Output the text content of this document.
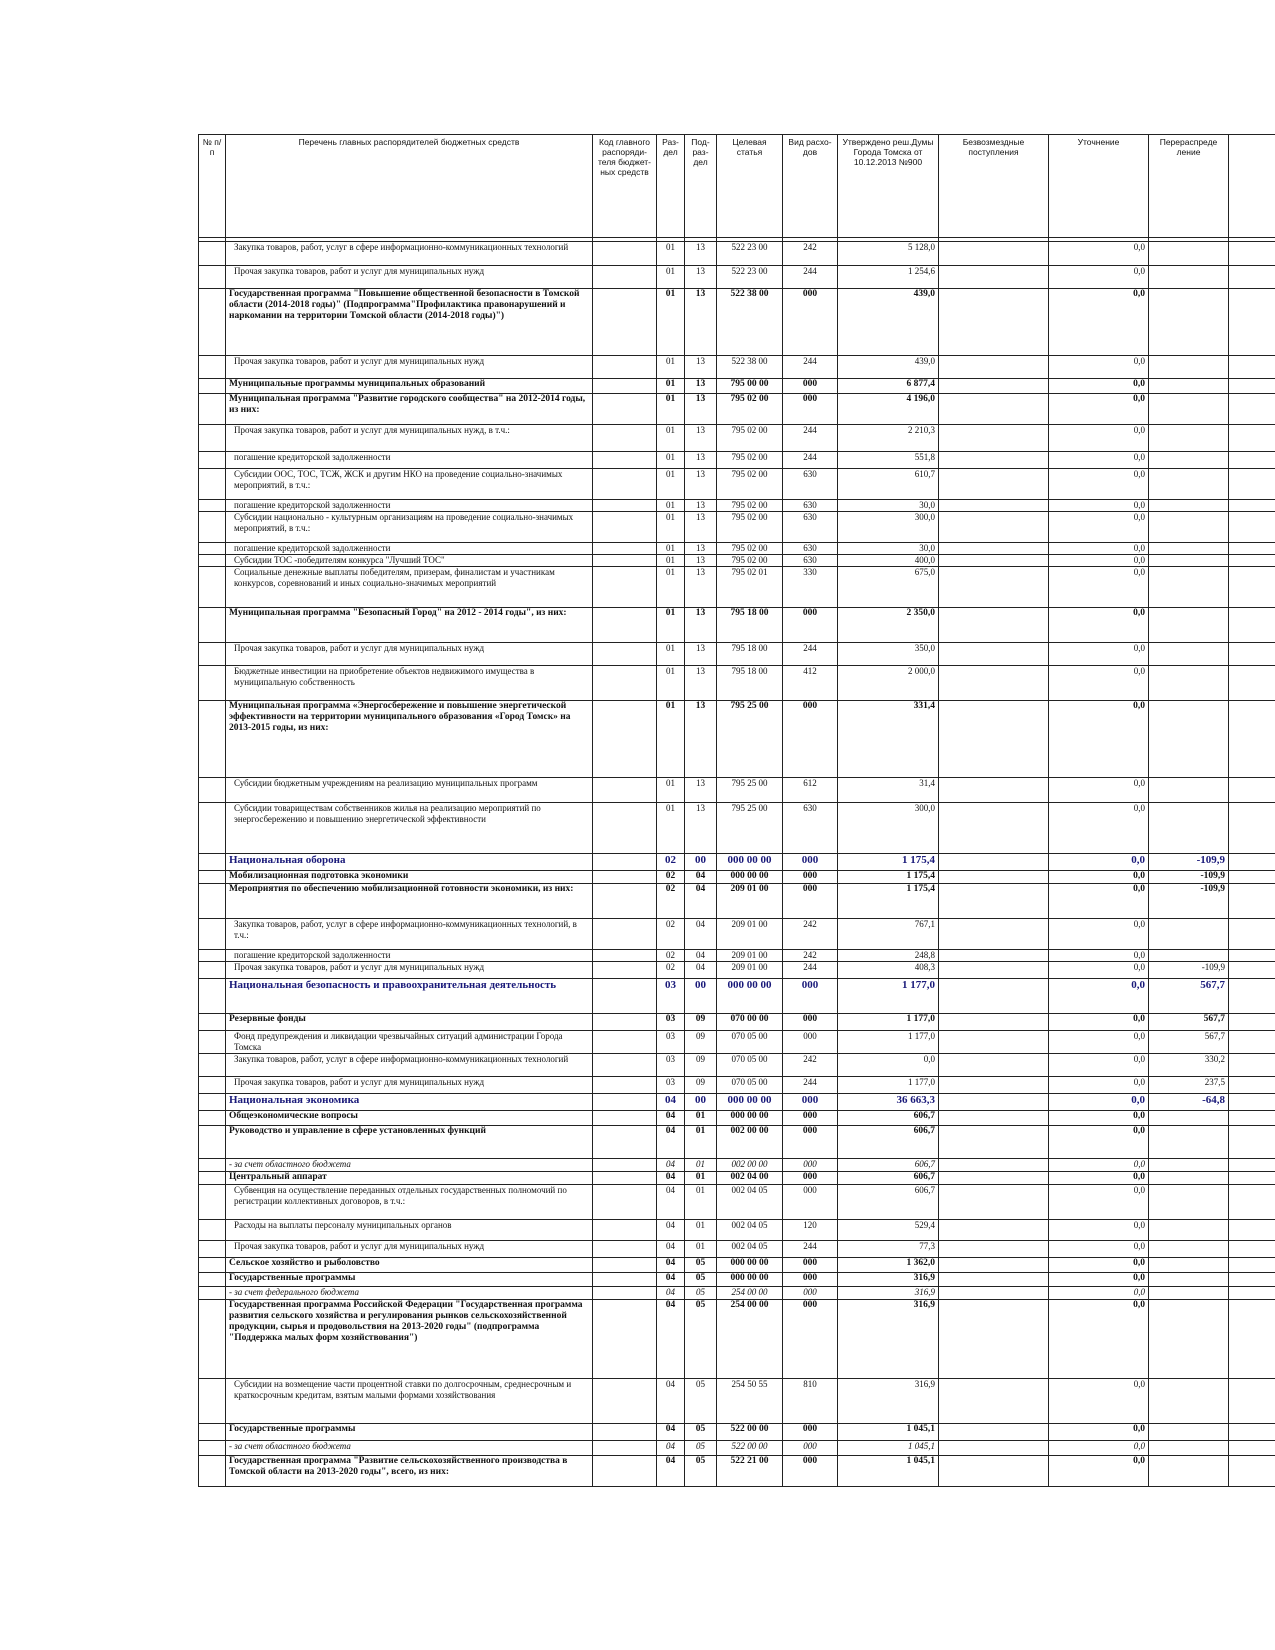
№ п/п	Перечень главных распорядителей бюджетных средств	Код главного распоряди-теля бюджет-ных средств	Раз-дел	Под-раз-дел	Целевая статья	Вид расхо-дов	Утверждено реш.Думы Города Томска от 10.12.2013 №900	Безвозмездные поступления	Уточнение	Перераспреде ление	

	Закупка товаров, работ, услуг в сфере информационно-коммуникационных технологий		01	13	522 23 00	242	5 128,0		0,0		
	Прочая закупка товаров, работ и услуг для муниципальных нужд		01	13	522 23 00	244	1 254,6		0,0		
	Государственная программа "Повышение общественной безопасности в Томской области (2014-2018 годы)" (Подпрограмма"Профилактика правонарушений и наркомании на территории Томской области (2014-2018 годы)")		01	13	522 38 00	000	439,0		0,0		
	Прочая закупка товаров, работ и услуг для муниципальных нужд		01	13	522 38 00	244	439,0		0,0		
	Муниципальные программы муниципальных образований		01	13	795 00 00	000	6 877,4		0,0		
	Муниципальная программа "Развитие городского сообщества" на 2012-2014 годы, из них:		01	13	795 02 00	000	4 196,0		0,0		
	Прочая закупка товаров, работ и услуг для муниципальных нужд, в т.ч.:		01	13	795 02 00	244	2 210,3		0,0		
	погашение кредиторской задолженности		01	13	795 02 00	244	551,8		0,0		
	Субсидии ООС, ТОС, ТСЖ, ЖСК и другим НКО на проведение социально-значимых мероприятий, в т.ч.:		01	13	795 02 00	630	610,7		0,0		
	погашение кредиторской задолженности		01	13	795 02 00	630	30,0		0,0		
	Субсидии национально - культурным организациям на проведение социально-значимых мероприятий, в т.ч.:		01	13	795 02 00	630	300,0		0,0		
	погашение кредиторской задолженности		01	13	795 02 00	630	30,0		0,0		
	Субсидии ТОС -победителям конкурса "Лучший ТОС"		01	13	795 02 00	630	400,0		0,0		
	Социальные денежные выплаты победителям, призерам, финалистам и участникам конкурсов, соревнований и иных социально-значимых мероприятий		01	13	795 02 01	330	675,0		0,0		
	Муниципальная программа "Безопасный Город" на 2012 - 2014 годы", из них:		01	13	795 18 00	000	2 350,0		0,0		
	Прочая закупка товаров, работ и услуг для муниципальных нужд		01	13	795 18 00	244	350,0		0,0		
	Бюджетные инвестиции на приобретение объектов недвижимого имущества в муниципальную собственность		01	13	795 18 00	412	2 000,0		0,0		
	Муниципальная программа «Энергосбережение и повышение энергетической эффективности на территории муниципального образования «Город Томск» на 2013-2015 годы, из них:		01	13	795 25 00	000	331,4		0,0		
	Субсидии бюджетным учреждениям на реализацию муниципальных программ		01	13	795 25 00	612	31,4		0,0		
	Субсидии товариществам собственников жилья на реализацию мероприятий по энергосбережению и повышению энергетической эффективности		01	13	795 25 00	630	300,0		0,0		
	Национальная оборона		02	00	000 00 00	000	1 175,4		0,0	-109,9	
	Мобилизационная подготовка экономики		02	04	000 00 00	000	1 175,4		0,0	-109,9	
	Мероприятия по обеспечению мобилизационной готовности экономики, из них:		02	04	209 01 00	000	1 175,4		0,0	-109,9	
	Закупка товаров, работ, услуг в сфере информационно-коммуникационных технологий, в т.ч.:		02	04	209 01 00	242	767,1		0,0		
	погашение кредиторской задолженности		02	04	209 01 00	242	248,8		0,0		
	Прочая закупка товаров, работ и услуг для муниципальных нужд		02	04	209 01 00	244	408,3		0,0	-109,9	
	Национальная безопасность и правоохранительная деятельность		03	00	000 00 00	000	1 177,0		0,0	567,7	
	Резервные фонды		03	09	070 00 00	000	1 177,0		0,0	567,7	
	Фонд предупреждения и ликвидации чрезвычайных ситуаций администрации Города Томска		03	09	070 05 00	000	1 177,0		0,0	567,7	
	Закупка товаров, работ, услуг в сфере информационно-коммуникационных технологий		03	09	070 05 00	242	0,0		0,0	330,2	
	Прочая закупка товаров, работ и услуг для муниципальных нужд		03	09	070 05 00	244	1 177,0		0,0	237,5	
	Национальная экономика		04	00	000 00 00	000	36 663,3		0,0	-64,8	
	Общеэкономические вопросы		04	01	000 00 00	000	606,7		0,0		
	Руководство и управление в сфере установленных функций		04	01	002 00 00	000	606,7		0,0		
	- за счет областного бюджета		04	01	002 00 00	000	606,7		0,0		
	Центральный аппарат		04	01	002 04 00	000	606,7		0,0		
	Субвенция на осуществление переданных отдельных государственных полномочий по регистрации коллективных договоров, в т.ч.:		04	01	002 04 05	000	606,7		0,0		
	Расходы на выплаты персоналу муниципальных органов		04	01	002 04 05	120	529,4		0,0		
	Прочая закупка товаров, работ и услуг для муниципальных нужд		04	01	002 04 05	244	77,3		0,0		
	Сельское хозяйство и рыболовство		04	05	000 00 00	000	1 362,0		0,0		
	Государственные программы		04	05	000 00 00	000	316,9		0,0		
	- за счет федерального бюджета		04	05	254 00 00	000	316,9		0,0		
	Государственная программа Российской Федерации "Государственная программа развития сельского хозяйства и регулирования рынков сельскохозяйственной продукции, сырья и продовольствия на 2013-2020 годы" (подпрограмма "Поддержка малых форм хозяйствования")		04	05	254 00 00	000	316,9		0,0		
	Субсидии на возмещение части процентной ставки по долгосрочным, среднесрочным и краткосрочным кредитам, взятым малыми формами хозяйствования		04	05	254 50 55	810	316,9		0,0		
	Государственные программы		04	05	522 00 00	000	1 045,1		0,0		
	- за счет областного бюджета		04	05	522 00 00	000	1 045,1		0,0		
	Государственная программа "Развитие сельскохозяйственного производства в Томской области на 2013-2020 годы", всего, из них:		04	05	522 21 00	000	1 045,1		0,0		
